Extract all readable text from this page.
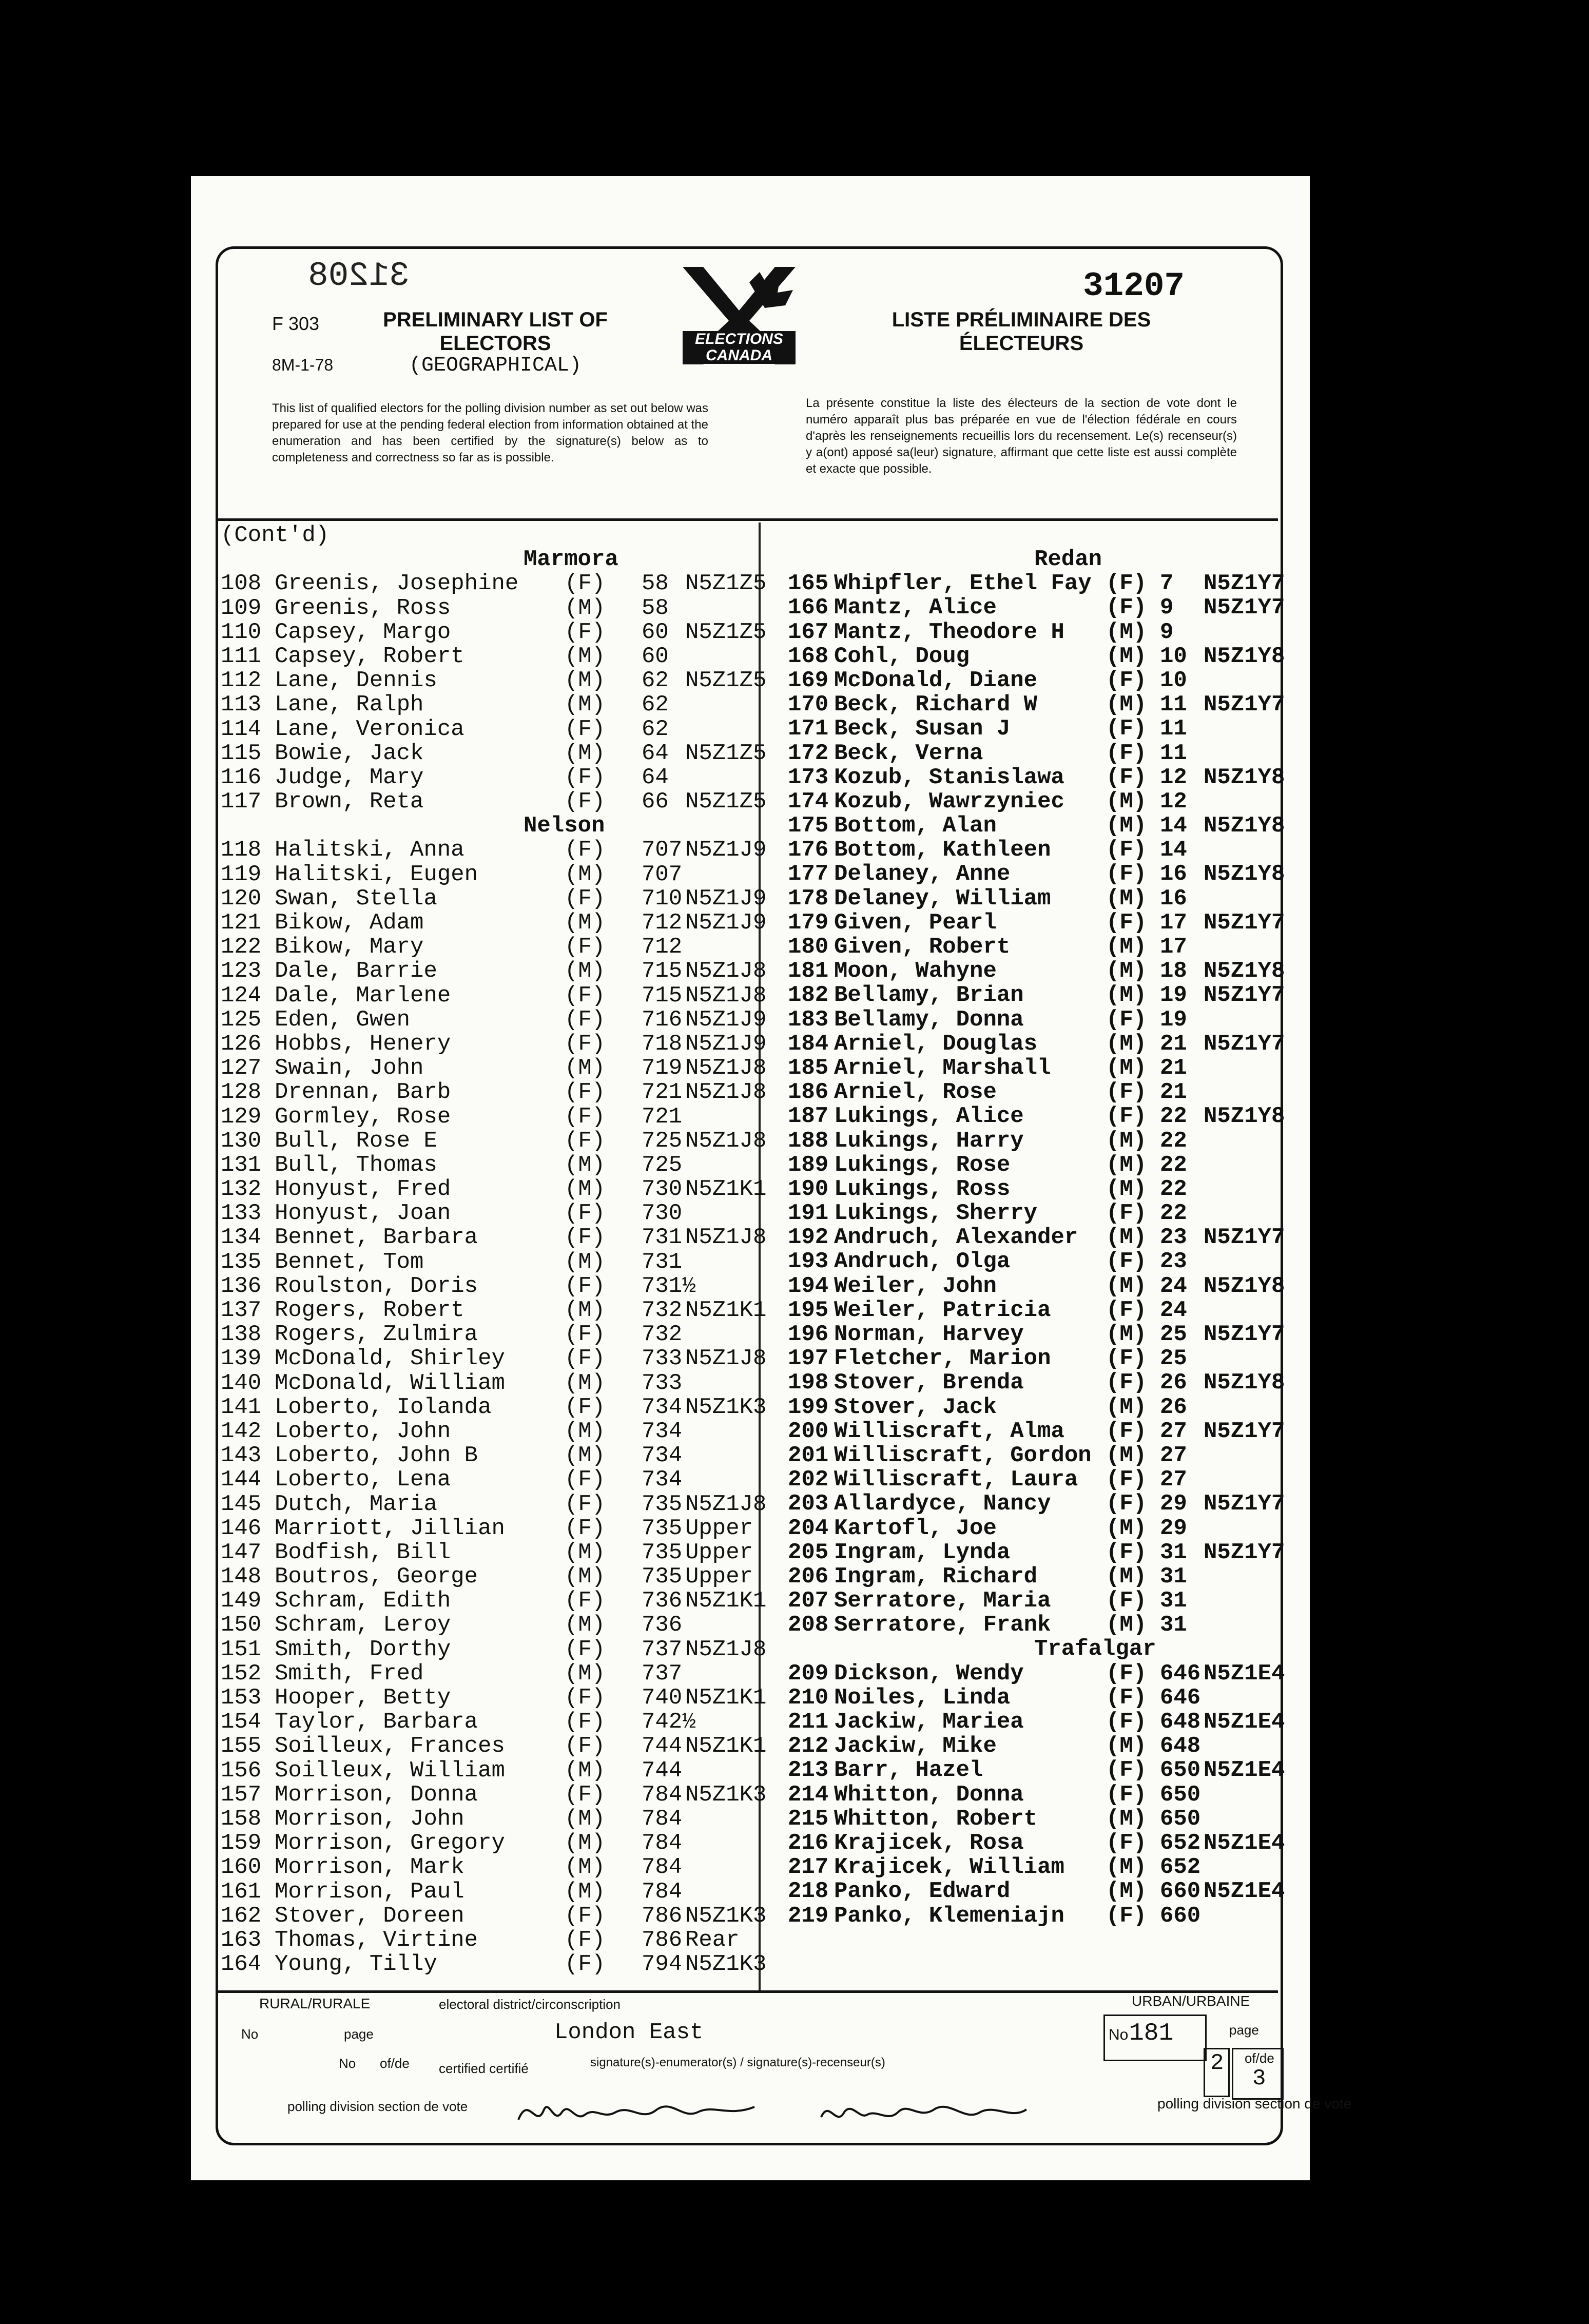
31208	31207
F 303
8M-1-78
PRELIMINARY LIST OF ELECTORS
(GEOGRAPHICAL)
LISTE PRÉLIMINAIRE DES ÉLECTEURS
ELECTIONS CANADA
This list of qualified electors for the polling division number as set out below was prepared for use at the pending federal election from information obtained at the enumeration and has been certified by the signature(s) below as to completeness and correctness so far as is possible.
La présente constitue la liste des électeurs de la section de vote dont le numéro apparaît plus bas préparée en vue de l'élection fédérale en cours d'après les renseignements recueillis lors du recensement. Le(s) recenseur(s) y a(ont) apposé sa(leur) signature, affirmant que cette liste est aussi complète et exacte que possible.
(Cont'd)
Marmora
108 Greenis, Josephine (F) 58 N5Z1Z5
109 Greenis, Ross	(M) 58
110 Capsey, Margo	(F) 60 N5Z1Z5
111 Capsey, Robert	(M) 60
112 Lane, Dennis	(M) 62 N5Z1Z5
113 Lane, Ralph	(M) 62
114 Lane, Veronica	(F) 62
115 Bowie, Jack	(M) 64 N5Z1Z5
116 Judge, Mary	(F) 64
117 Brown, Reta	(F) 66 N5Z1Z5
Nelson
118 Halitski, Anna	(F) 707 N5Z1J9
119 Halitski, Eugen	(M) 707
120 Swan, Stella	(F) 710 N5Z1J9
121 Bikow, Adam	(M) 712 N5Z1J9
122 Bikow, Mary	(F) 712
123 Dale, Barrie	(M) 715 N5Z1J8
124 Dale, Marlene	(F) 715 N5Z1J8
125 Eden, Gwen	(F) 716 N5Z1J9
126 Hobbs, Henery	(F) 718 N5Z1J9
127 Swain, John	(M) 719 N5Z1J8
128 Drennan, Barb	(F) 721 N5Z1J8
129 Gormley, Rose	(F) 721
130 Bull, Rose E	(F) 725 N5Z1J8
131 Bull, Thomas	(M) 725
132 Honyust, Fred	(M) 730 N5Z1K1
133 Honyust, Joan	(F) 730
134 Bennet, Barbara	(F) 731 N5Z1J8
135 Bennet, Tom	(M) 731
136 Roulston, Doris	(F) 731½
137 Rogers, Robert	(M) 732 N5Z1K1
138 Rogers, Zulmira	(F) 732
139 McDonald, Shirley	(F) 733 N5Z1J8
140 McDonald, William	(M) 733
141 Loberto, Iolanda	(F) 734 N5Z1K3
142 Loberto, John	(M) 734
143 Loberto, John B	(M) 734
144 Loberto, Lena	(F) 734
145 Dutch, Maria	(F) 735 N5Z1J8
146 Marriott, Jillian	(F) 735 Upper
147 Bodfish, Bill	(M) 735 Upper
148 Boutros, George	(M) 735 Upper
149 Schram, Edith	(F) 736 N5Z1K1
150 Schram, Leroy	(M) 736
151 Smith, Dorthy	(F) 737 N5Z1J8
152 Smith, Fred	(M) 737
153 Hooper, Betty	(F) 740 N5Z1K1
154 Taylor, Barbara	(F) 742½
155 Soilleux, Frances	(F) 744 N5Z1K1
156 Soilleux, William	(M) 744
157 Morrison, Donna	(F) 784 N5Z1K3
158 Morrison, John	(M) 784
159 Morrison, Gregory	(M) 784
160 Morrison, Mark	(M) 784
161 Morrison, Paul	(M) 784
162 Stover, Doreen	(F) 786 N5Z1K3
163 Thomas, Virtine	(F) 786 Rear
164 Young, Tilly	(F) 794 N5Z1K3
Redan
165 Whipfler, Ethel Fay (F) 7 N5Z1Y7
166 Mantz, Alice	(F) 9 N5Z1Y7
167 Mantz, Theodore H (M) 9
168 Cohl, Doug	(M) 10 N5Z1Y8
169 McDonald, Diane	(F) 10
170 Beck, Richard W	(M) 11 N5Z1Y7
171 Beck, Susan J	(F) 11
172 Beck, Verna	(F) 11
173 Kozub, Stanislawa (F) 12 N5Z1Y8
174 Kozub, Wawrzyniec (M) 12
175 Bottom, Alan	(M) 14 N5Z1Y8
176 Bottom, Kathleen (F) 14
177 Delaney, Anne	(F) 16 N5Z1Y8
178 Delaney, William (M) 16
179 Given, Pearl	(F) 17 N5Z1Y7
180 Given, Robert	(M) 17
181 Moon, Wahyne	(M) 18 N5Z1Y8
182 Bellamy, Brian	(M) 19 N5Z1Y7
183 Bellamy, Donna	(F) 19
184 Arniel, Douglas	(M) 21 N5Z1Y7
185 Arniel, Marshall (M) 21
186 Arniel, Rose	(F) 21
187 Lukings, Alice	(F) 22 N5Z1Y8
188 Lukings, Harry	(M) 22
189 Lukings, Rose	(M) 22
190 Lukings, Ross	(M) 22
191 Lukings, Sherry	(F) 22
192 Andruch, Alexander (M) 23 N5Z1Y7
193 Andruch, Olga	(F) 23
194 Weiler, John	(M) 24 N5Z1Y8
195 Weiler, Patricia (F) 24
196 Norman, Harvey	(M) 25 N5Z1Y7
197 Fletcher, Marion (F) 25
198 Stover, Brenda	(F) 26 N5Z1Y8
199 Stover, Jack	(M) 26
200 Williscraft, Alma (F) 27 N5Z1Y7
201 Williscraft, Gordon (M) 27
202 Williscraft, Laura (F) 27
203 Allardyce, Nancy (F) 29 N5Z1Y7
204 Kartofl, Joe	(M) 29
205 Ingram, Lynda	(F) 31 N5Z1Y7
206 Ingram, Richard	(M) 31
207 Serratore, Maria (F) 31
208 Serratore, Frank (M) 31
Trafalgar
209 Dickson, Wendy	(F) 646 N5Z1E4
210 Noiles, Linda	(F) 646
211 Jackiw, Mariea	(F) 648 N5Z1E4
212 Jackiw, Mike	(M) 648
213 Barr, Hazel	(F) 650 N5Z1E4
214 Whitton, Donna	(F) 650
215 Whitton, Robert	(M) 650
216 Krajicek, Rosa	(F) 652 N5Z1E4
217 Krajicek, William (M) 652
218 Panko, Edward	(M) 660 N5Z1E4
219 Panko, Klemeniajn (F) 660
RURAL/RURALE	electoral district/circonscription	URBAN/URBAINE
No	page
No of/de certified certifié	signature(s)-enumerator(s) / signature(s)-recenseur(s)
London East	No 181	page
2 of/de
3
polling division section de vote	polling division section de vote
